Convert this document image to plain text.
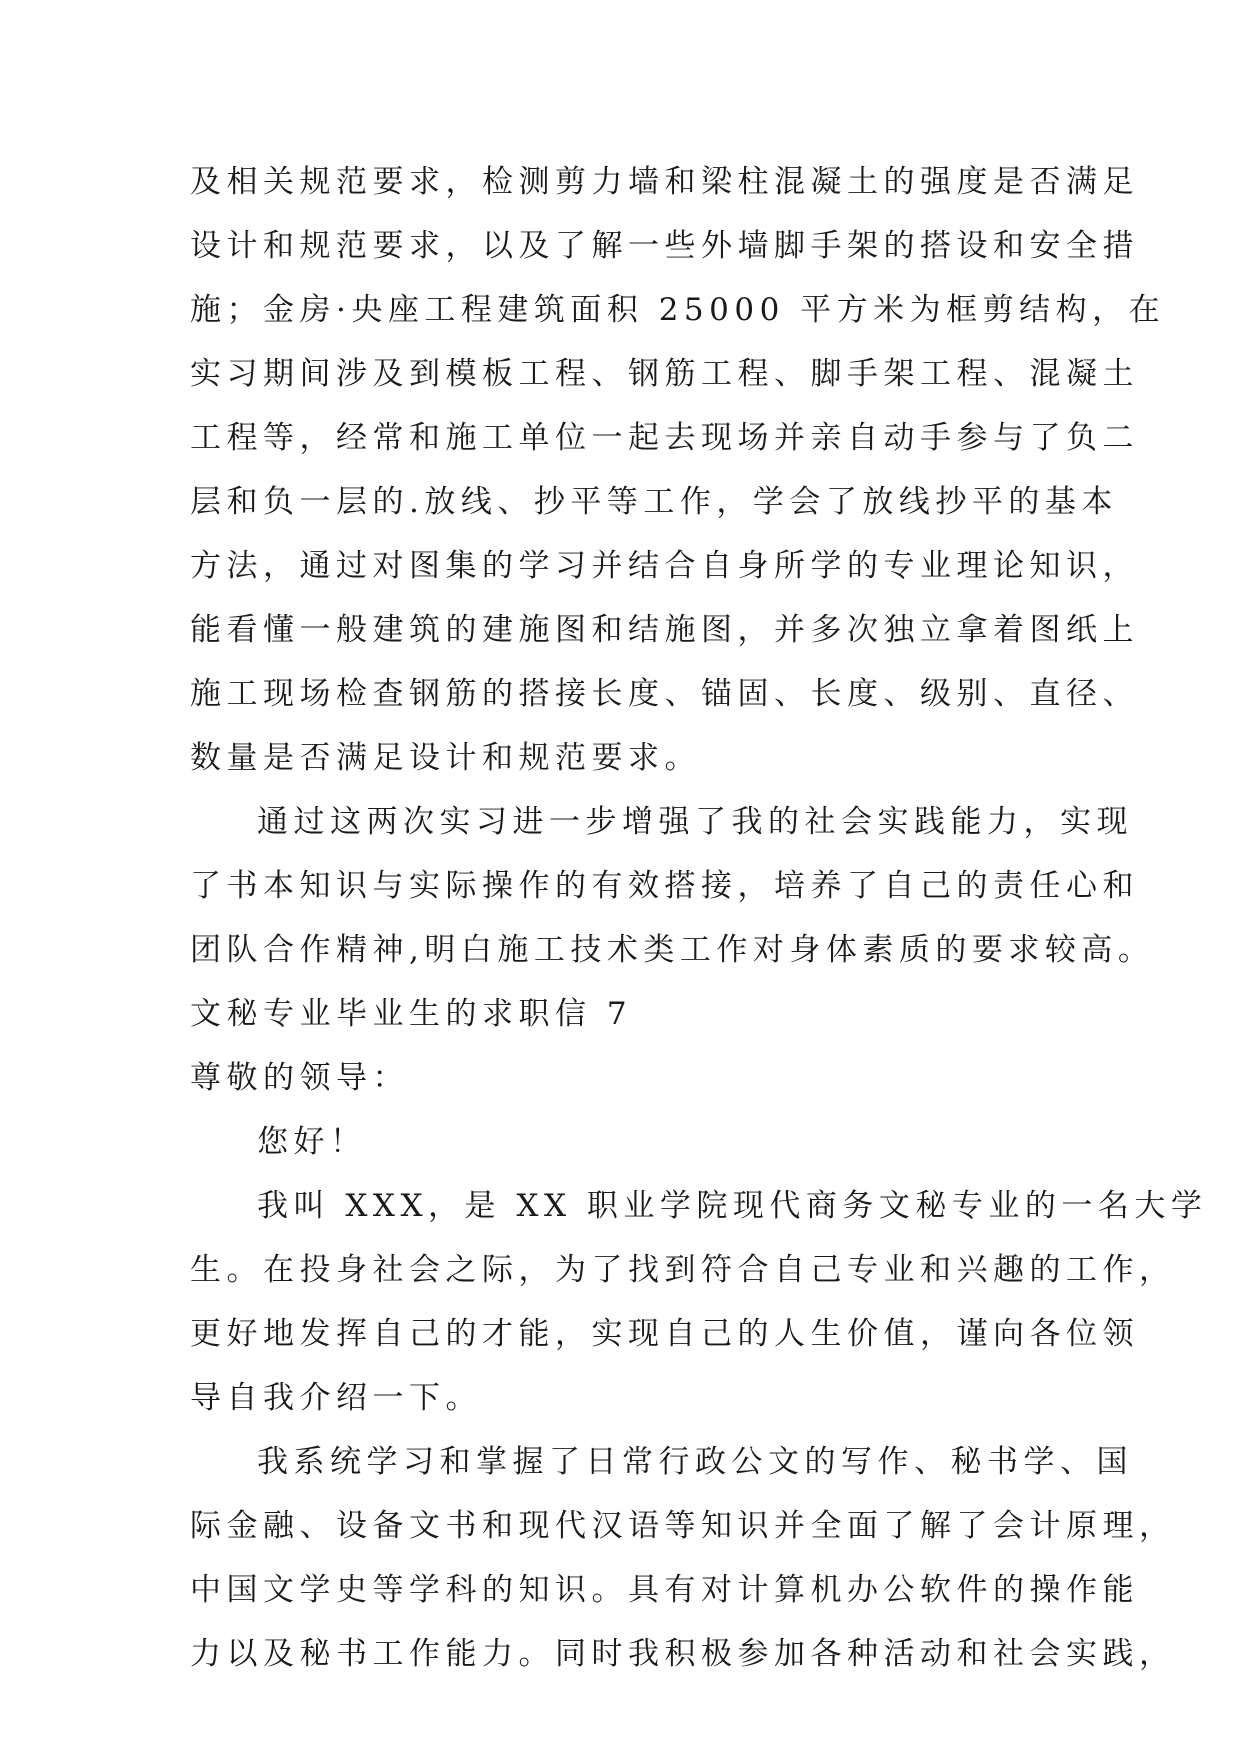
及相关规范要求，检测剪力墙和梁柱混凝土的强度是否满足
设计和规范要求，以及了解一些外墙脚手架的搭设和安全措
施；金房·央座工程建筑面积 25000 平方米为框剪结构，在
实习期间涉及到模板工程、钢筋工程、脚手架工程、混凝土
工程等，经常和施工单位一起去现场并亲自动手参与了负二
层和负一层的.放线、抄平等工作，学会了放线抄平的基本
方法，通过对图集的学习并结合自身所学的专业理论知识，
能看懂一般建筑的建施图和结施图，并多次独立拿着图纸上
施工现场检查钢筋的搭接长度、锚固、长度、级别、直径、
数量是否满足设计和规范要求。
通过这两次实习进一步增强了我的社会实践能力，实现
了书本知识与实际操作的有效搭接，培养了自己的责任心和
团队合作精神,明白施工技术类工作对身体素质的要求较高。
文秘专业毕业生的求职信 7
尊敬的领导：
您好！
我叫 XXX，是 XX 职业学院现代商务文秘专业的一名大学
生。在投身社会之际，为了找到符合自己专业和兴趣的工作，
更好地发挥自己的才能，实现自己的人生价值，谨向各位领
导自我介绍一下。
我系统学习和掌握了日常行政公文的写作、秘书学、国
际金融、设备文书和现代汉语等知识并全面了解了会计原理，
中国文学史等学科的知识。具有对计算机办公软件的操作能
力以及秘书工作能力。同时我积极参加各种活动和社会实践，
